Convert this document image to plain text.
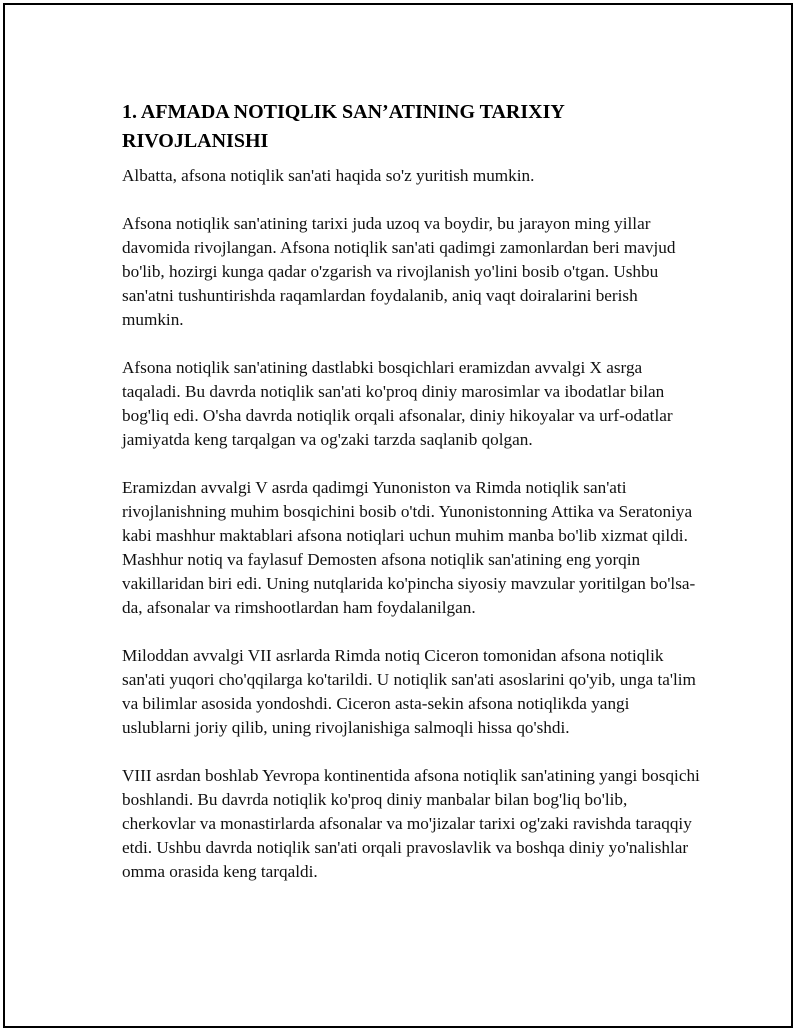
1. AFMADA NOTIQLIK SAN’ATINING TARIXIY RIVOJLANISHI

Albatta, afsona notiqlik san'ati haqida so'z yuritish mumkin.

Afsona notiqlik san'atining tarixi juda uzoq va boydir, bu jarayon ming yillar davomida rivojlangan. Afsona notiqlik san'ati qadimgi zamonlardan beri mavjud bo'lib, hozirgi kunga qadar o'zgarish va rivojlanish yo'lini bosib o'tgan. Ushbu san'atni tushuntirishda raqamlardan foydalanib, aniq vaqt doiralarini berish mumkin.

Afsona notiqlik san'atining dastlabki bosqichlari eramizdan avvalgi X asrga taqaladi. Bu davrda notiqlik san'ati ko'proq diniy marosimlar va ibodatlar bilan bog'liq edi. O'sha davrda notiqlik orqali afsonalar, diniy hikoyalar va urf-odatlar jamiyatda keng tarqalgan va og'zaki tarzda saqlanib qolgan.

Eramizdan avvalgi V asrda qadimgi Yunoniston va Rimda notiqlik san'ati rivojlanishning muhim bosqichini bosib o'tdi. Yunonistonning Attika va Seratoniya kabi mashhur maktablari afsona notiqlari uchun muhim manba bo'lib xizmat qildi. Mashhur notiq va faylasuf Demosten afsona notiqlik san'atining eng yorqin vakillaridan biri edi. Uning nutqlarida ko'pincha siyosiy mavzular yoritilgan bo'lsa-da, afsonalar va rimshootlardan ham foydalanilgan.

Miloddan avvalgi VII asrlarda Rimda notiq Ciceron tomonidan afsona notiqlik san'ati yuqori cho'qqilarga ko'tarildi. U notiqlik san'ati asoslarini qo'yib, unga ta'lim va bilimlar asosida yondoshdi. Ciceron asta-sekin afsona notiqlikda yangi uslublarni joriy qilib, uning rivojlanishiga salmoqli hissa qo'shdi.

VIII asrdan boshlab Yevropa kontinentida afsona notiqlik san'atining yangi bosqichi boshlandi. Bu davrda notiqlik ko'proq diniy manbalar bilan bog'liq bo'lib, cherkovlar va monastirlarda afsonalar va mo'jizalar tarixi og'zaki ravishda taraqqiy etdi. Ushbu davrda notiqlik san'ati orqali pravoslavlik va boshqa diniy yo'nalishlar omma orasida keng tarqaldi.
